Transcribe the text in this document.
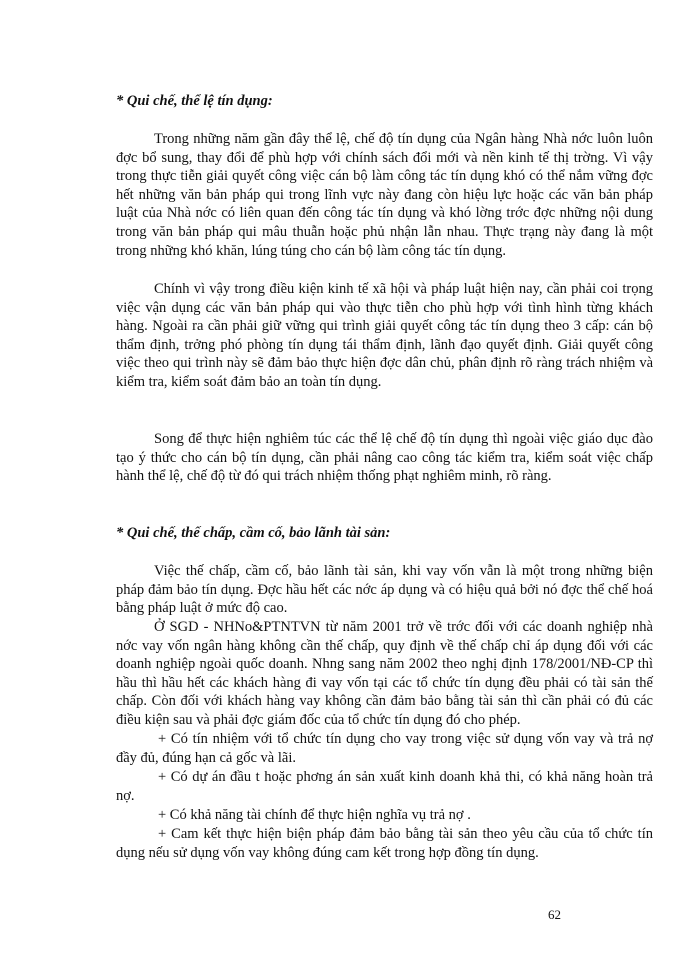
* Qui chế, thể lệ tín dụng:

Trong những năm gần đây thể lệ, chế độ tín dụng của Ngân hàng Nhà nớc luôn luôn đợc bổ sung, thay đổi để phù hợp với chính sách đổi mới và nền kinh tế thị trờng. Vì vậy trong thực tiễn giải quyết công việc cán bộ làm công tác tín dụng khó có thể nắm vững đợc hết những văn bản pháp qui trong lĩnh vực này đang còn hiệu lực hoặc các văn bản pháp luật của Nhà nớc có liên quan đến công tác tín dụng và khó lờng trớc đợc những nội dung trong văn bản pháp qui mâu thuẫn hoặc phủ nhận lẫn nhau. Thực trạng này đang là một trong những khó khăn, lúng túng cho cán bộ làm công tác tín dụng.

Chính vì vậy trong điều kiện kinh tế xã hội và pháp luật hiện nay, cần phải coi trọng việc vận dụng các văn bản pháp qui vào thực tiễn cho phù hợp với tình hình từng khách hàng. Ngoài ra cần phải giữ vững qui trình giải quyết công tác tín dụng theo 3 cấp: cán bộ thẩm định, trởng phó phòng tín dụng tái thẩm định, lãnh đạo quyết định. Giải quyết công việc theo qui trình này sẽ đảm bảo thực hiện đợc dân chủ, phân định rõ ràng trách nhiệm và kiểm tra, kiểm soát đảm bảo an toàn tín dụng.

Song để thực hiện nghiêm túc các thể lệ chế độ tín dụng thì ngoài việc giáo dục đào tạo ý thức cho cán bộ tín dụng, cần phải nâng cao công tác kiểm tra, kiểm soát việc chấp hành thể lệ, chế độ từ đó qui trách nhiệm thống phạt nghiêm minh, rõ ràng.

* Qui chế, thế chấp, cầm cố, bảo lãnh tài sản:

Việc thế chấp, cầm cố, bảo lãnh tài sản, khi vay vốn vẫn là một trong những biện pháp đảm bảo tín dụng. Đợc hầu hết các nớc áp dụng và có hiệu quả bởi nó đợc thể chế hoá bằng pháp luật ở mức độ cao.

Ở SGD - NHNo&PTNTVN từ năm 2001 trở về trớc đối với các doanh nghiệp nhà nớc vay vốn ngân hàng không cần thế chấp, quy định về thế chấp chỉ áp dụng đối với các doanh nghiệp ngoài quốc doanh. Nhng sang năm 2002 theo nghị định 178/2001/NĐ-CP thì hầu thì hầu hết các khách hàng đi vay vốn tại các tổ chức tín dụng đều phải có tài sản thế chấp. Còn đối với khách hàng vay không cần đảm bảo bằng tài sản thì cần phải có đủ các điều kiện sau và phải đợc giám đốc của tổ chức tín dụng đó cho phép.

+ Có tín nhiệm với tổ chức tín dụng cho vay trong việc sử dụng vốn vay và trả nợ đầy đủ, đúng hạn cả gốc và lãi.

+ Có dự án đầu t hoặc phơng án sản xuất kinh doanh khả thi, có khả năng hoàn trả nợ.

+ Có khả năng tài chính để thực hiện nghĩa vụ trả nợ .

+ Cam kết thực hiện biện pháp đảm bảo bằng tài sản theo yêu cầu của tổ chức tín dụng nếu sử dụng vốn vay không đúng cam kết trong hợp đồng tín dụng.

62
